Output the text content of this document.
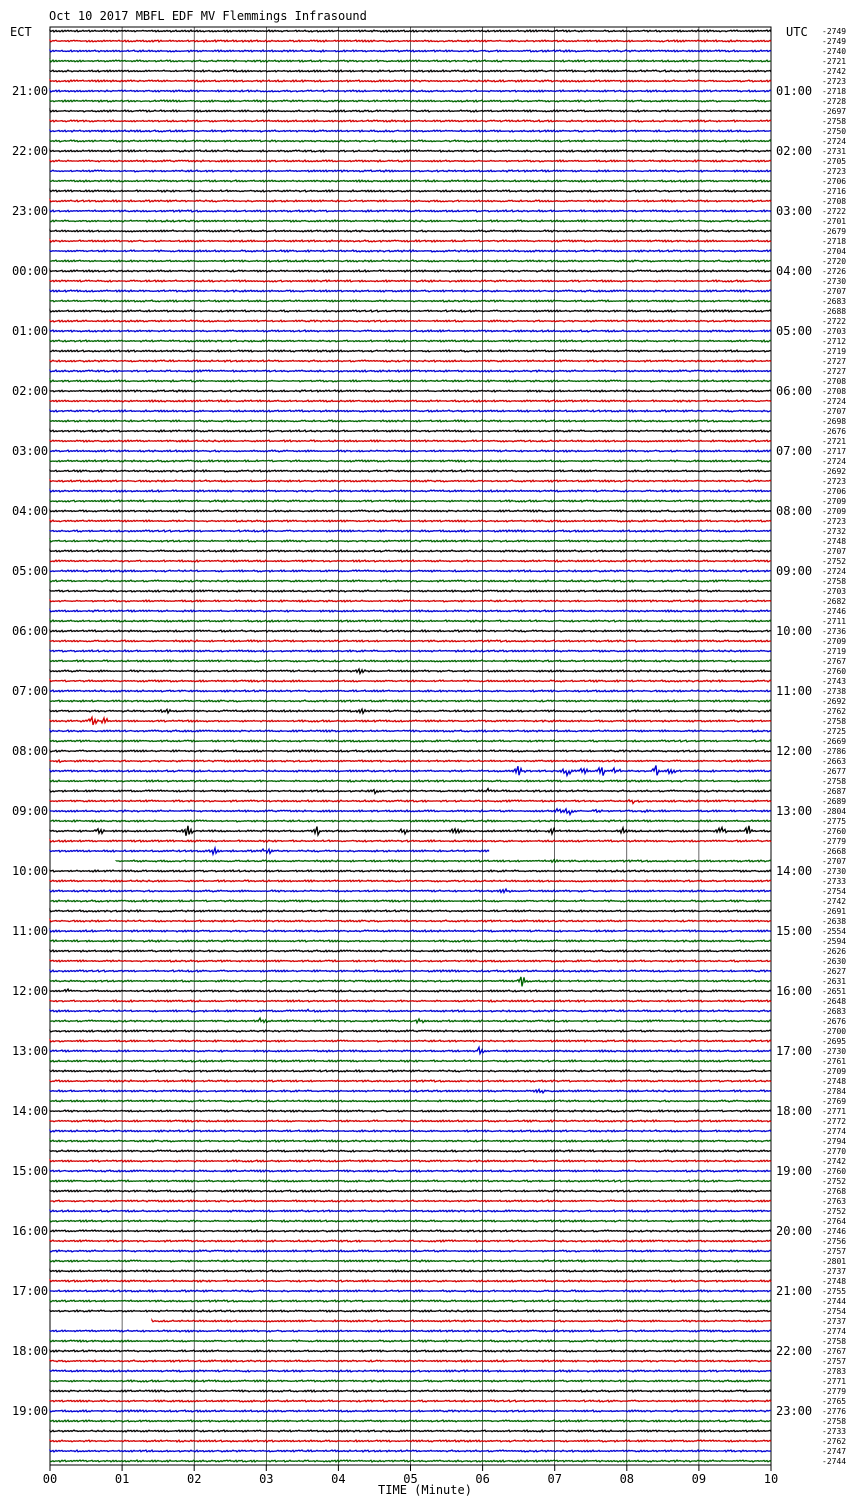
Oct 10 2017 MBFL EDF MV Flemmings Infrasound
ECT	UTC
TIME (Minute)
00	01	02	03	04	05	06	07	08	09	10
-2749
-2749
-2740
-2721
-2742
-2723
-2718
21:00	01:00
-2728
-2697
-2758
-2750
-2724
-2731
22:00	02:00
-2705
-2723
-2706
-2716
-2708
-2722
23:00	03:00
-2701
-2679
-2718
-2704
-2720
-2726
00:00	04:00
-2730
-2707
-2683
-2688
-2722
-2703
01:00	05:00
-2712
-2719
-2727
-2727
-2708
-2708
02:00	06:00
-2724
-2707
-2698
-2676
-2721
-2717
03:00	07:00
-2724
-2692
-2723
-2706
-2709
-2709
04:00	08:00
-2723
-2732
-2748
-2707
-2752
-2724
05:00	09:00
-2758
-2703
-2682
-2746
-2711
-2736
06:00	10:00
-2709
-2719
-2767
-2760
-2743
-2738
07:00	11:00
-2692
-2762
-2758
-2725
-2669
-2786
08:00	12:00
-2663
-2677
-2758
-2687
-2689
-2804
09:00	13:00
-2775
-2760
-2779
-2668
-2707
-2730
10:00	14:00
-2733
-2754
-2742
-2691
-2638
-2554
11:00	15:00
-2594
-2626
-2630
-2627
-2631
-2651
12:00	16:00
-2648
-2683
-2676
-2700
-2695
-2730
13:00	17:00
-2761
-2709
-2748
-2784
-2769
-2771
14:00	18:00
-2772
-2774
-2794
-2770
-2742
-2760
15:00	19:00
-2752
-2768
-2763
-2752
-2764
-2746
16:00	20:00
-2756
-2757
-2801
-2737
-2748
-2755
17:00	21:00
-2744
-2754
-2737
-2774
-2758
-2767
18:00	22:00
-2757
-2783
-2771
-2779
-2765
-2776
19:00	23:00
-2758
-2733
-2762
-2747
-2744
